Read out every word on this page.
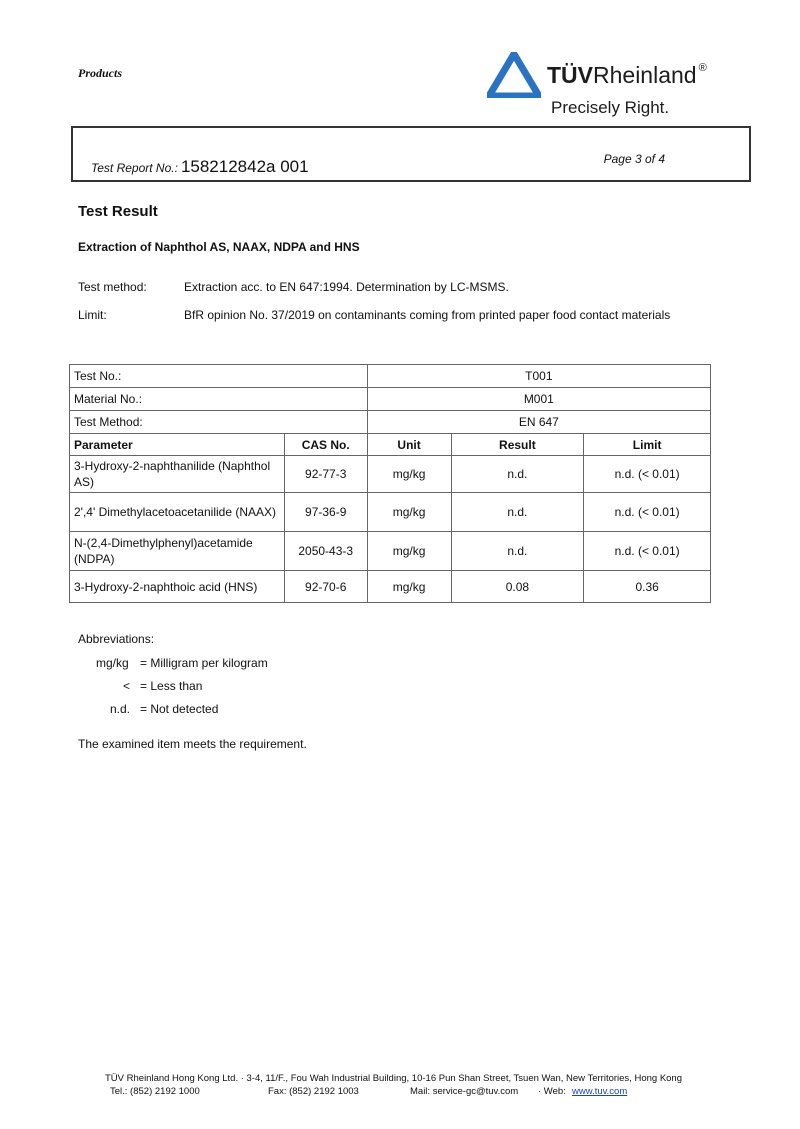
Products	TÜVRheinland ®
Precisely Right.
Test Report No.: 158212842a 001	Page 3 of 4
Test Result
Extraction of Naphthol AS, NAAX, NDPA and HNS
Test method:	Extraction acc. to EN 647:1994. Determination by LC-MSMS.
Limit:	BfR opinion No. 37/2019 on contaminants coming from printed paper food contact materials
Test No.:		T001		
Material No.:		M001		
Test Method:		EN 647		
Parameter	CAS No.	Unit	Result	Limit
3-Hydroxy-2-naphthanilide (Naphthol AS)	92-77-3	mg/kg	n.d.	n.d. (< 0.01)
2',4' Dimethylacetoacetanilide (NAAX)	97-36-9	mg/kg	n.d.	n.d. (< 0.01)
N-(2,4-Dimethylphenyl)acetamide (NDPA)	2050-43-3	mg/kg	n.d.	n.d. (< 0.01)
3-Hydroxy-2-naphthoic acid (HNS)	92-70-6	mg/kg	0.08	0.36
Abbreviations:
mg/kg = Milligram per kilogram
< = Less than
n.d. = Not detected
The examined item meets the requirement.
TÜV Rheinland Hong Kong Ltd. · 3-4, 11/F., Fou Wah Industrial Building, 10-16 Pun Shan Street, Tsuen Wan, New Territories, Hong Kong
Tel.: (852) 2192 1000	Fax: (852) 2192 1003	Mail: service-gc@tuv.com · Web: www.tuv.com
